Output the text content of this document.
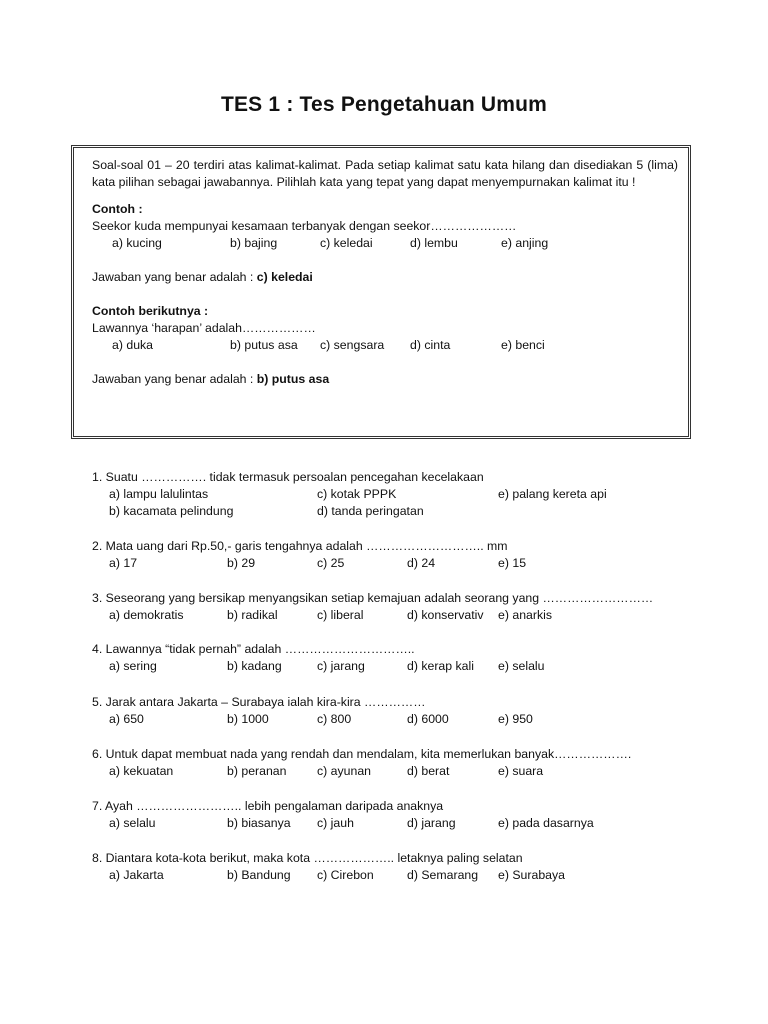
TES 1 : Tes Pengetahuan Umum

Soal-soal 01 – 20 terdiri atas kalimat-kalimat. Pada setiap kalimat satu kata hilang dan disediakan 5 (lima) kata pilihan sebagai jawabannya. Pilihlah kata yang tepat yang dapat menyempurnakan kalimat itu !

Contoh :

Seekor kuda mempunyai kesamaan terbanyak dengan seekor…………………

a) kucing	b) bajing	c) keledai	d) lembu	e) anjing

Jawaban yang benar adalah : c) keledai

Contoh berikutnya :

Lawannya ‘harapan’ adalah………………

a) duka	b) putus asa c) sengsara d) cinta	e) benci

Jawaban yang benar adalah : b) putus asa

1. Suatu ……………. tidak termasuk persoalan pencegahan kecelakaan
a) lampu lalulintas	c) kotak PPPK	e) palang kereta api
b) kacamata pelindung	d) tanda peringatan
2. Mata uang dari Rp.50,- garis tengahnya adalah ……………………….. mm
a) 17	b) 29	c) 25	d) 24	e) 15
3. Seseorang yang bersikap menyangsikan setiap kemajuan adalah seorang yang ………………………
a) demokratis	b) radikal	c) liberal	d) konservativ e) anarkis
4. Lawannya “tidak pernah” adalah …………………………..
a) sering	b) kadang	c) jarang	d) kerap kali e) selalu
5. Jarak antara Jakarta – Surabaya ialah kira-kira ……………
a) 650	b) 1000	c) 800	d) 6000	e) 950
6. Untuk dapat membuat nada yang rendah dan mendalam, kita memerlukan banyak……………….
a) kekuatan	b) peranan c) ayunan	d) berat	e) suara
7. Ayah …………………….. lebih pengalaman daripada anaknya
a) selalu	b) biasanya c) jauh	d) jarang	e) pada dasarnya
8. Diantara kota-kota berikut, maka kota ……………….. letaknya paling selatan
a) Jakarta	b) Bandung c) Cirebon	d) Semarang e) Surabaya
